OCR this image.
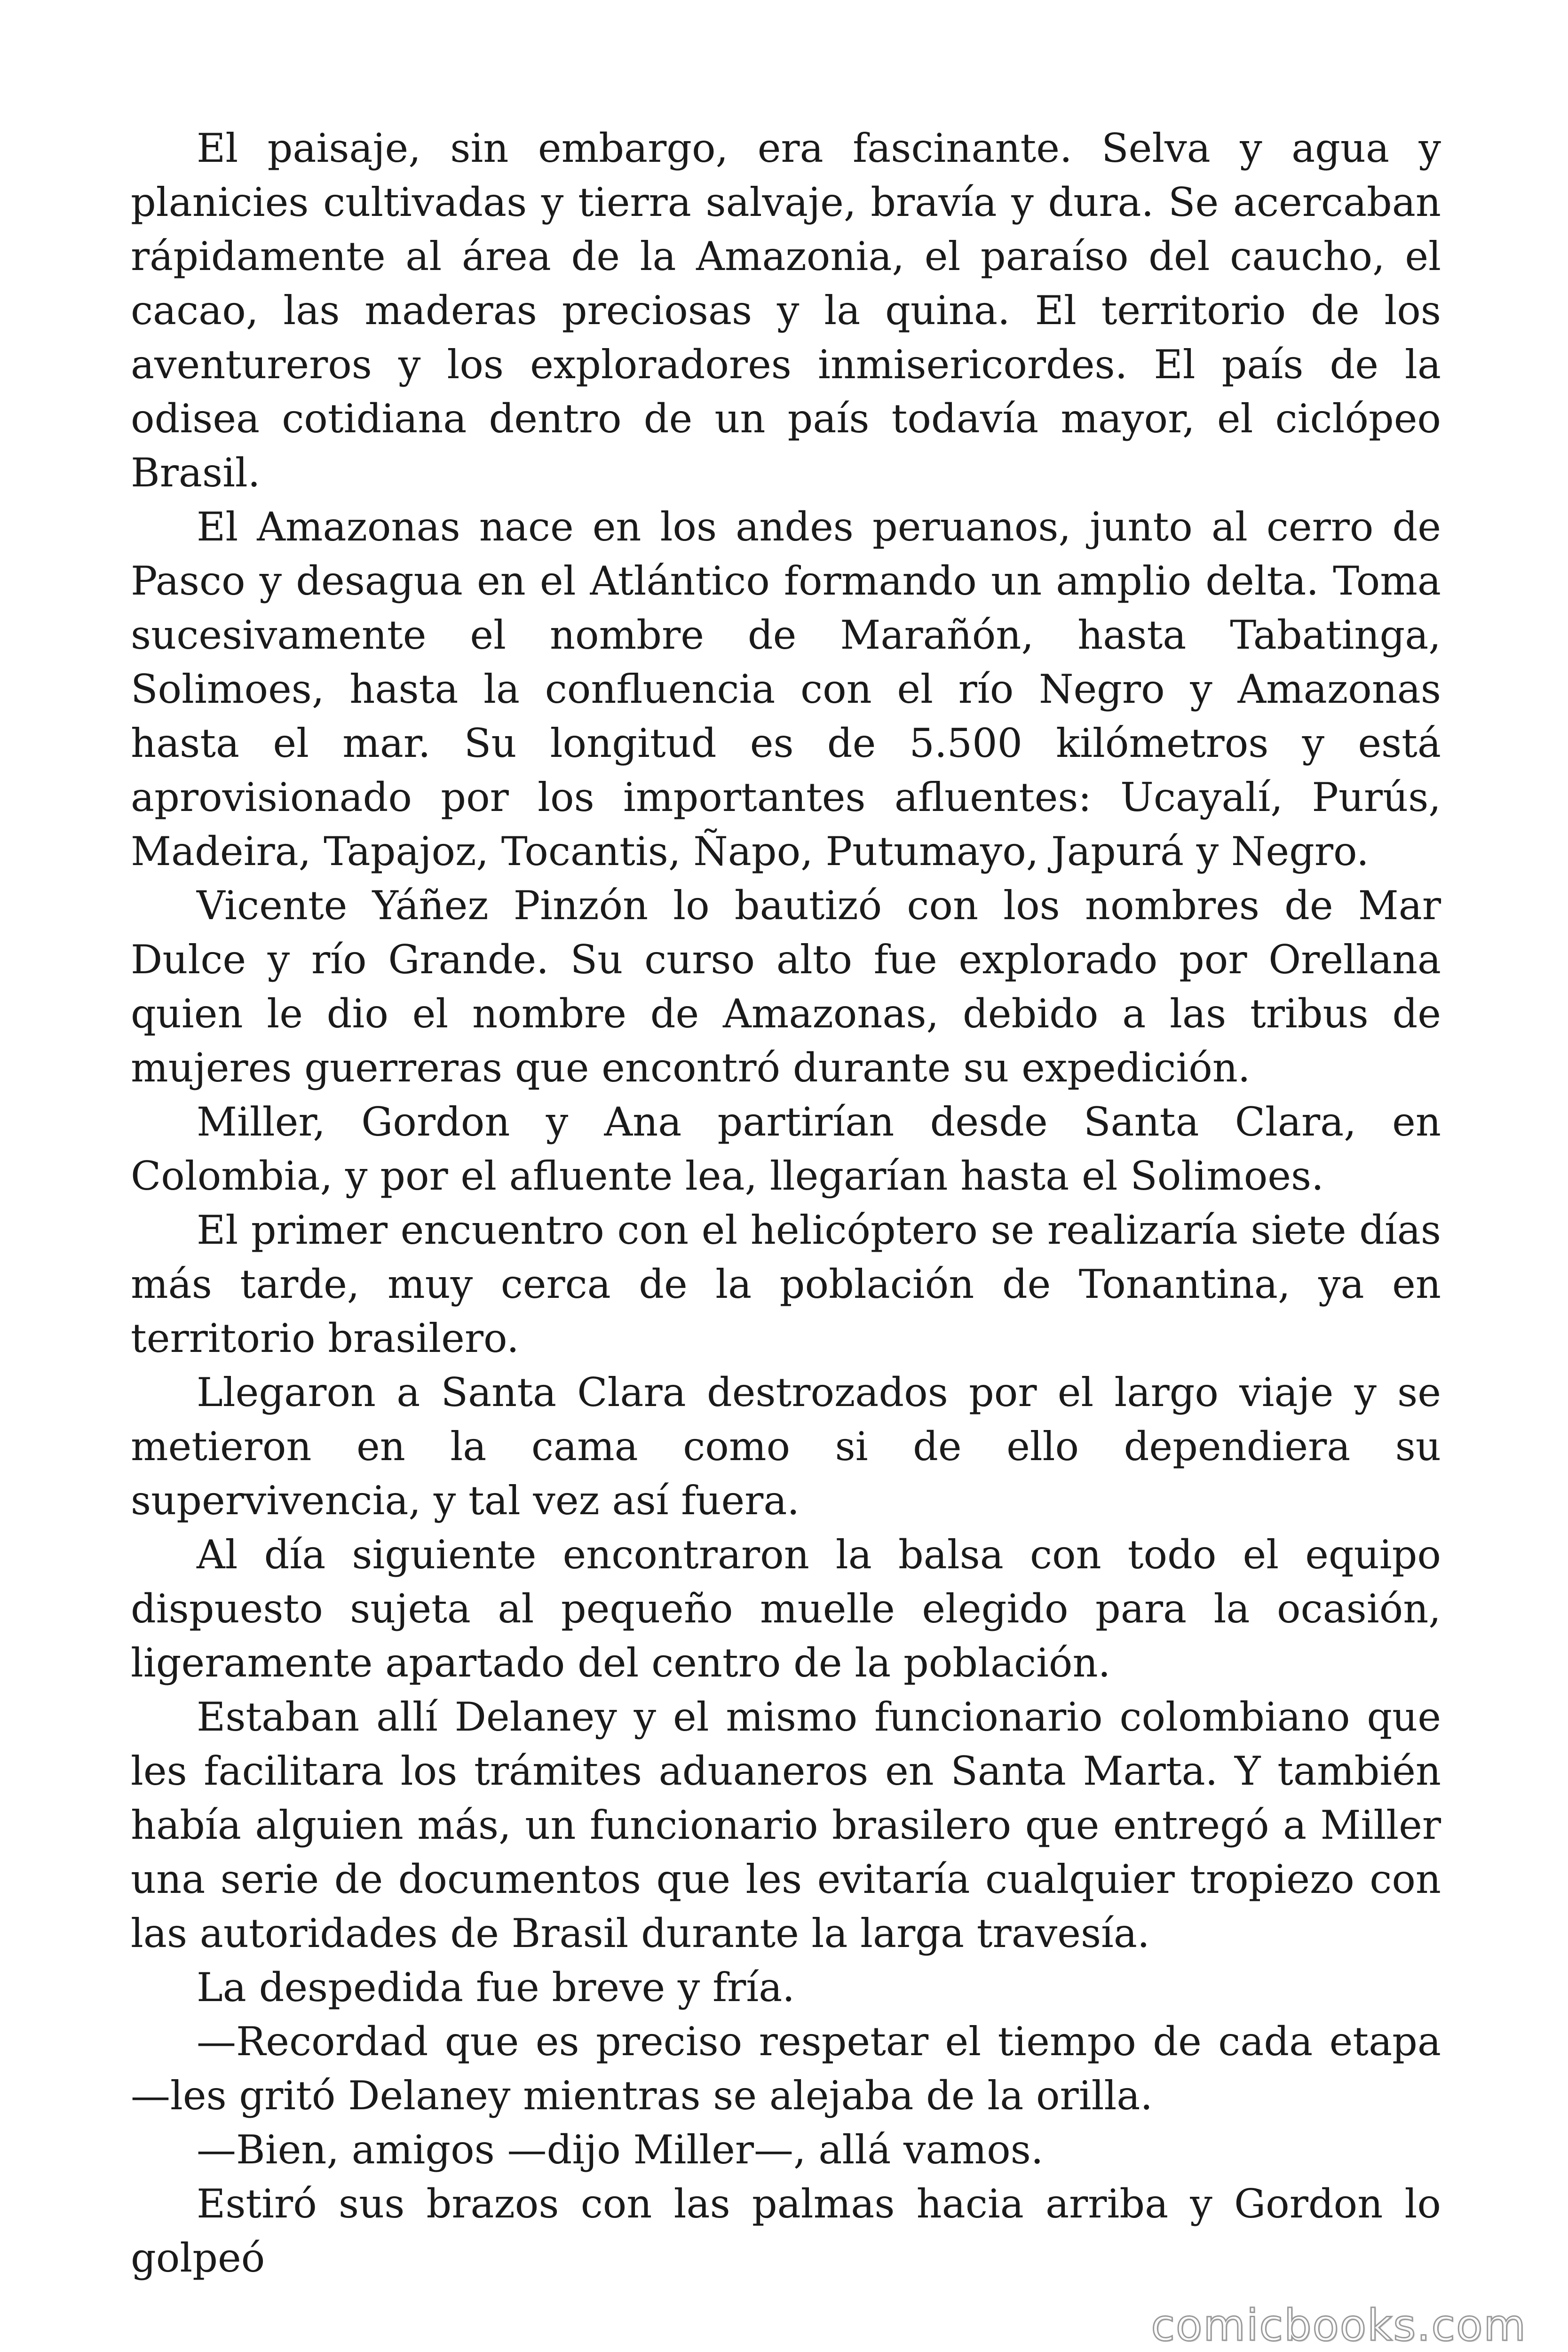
El paisaje, sin embargo, era fascinante. Selva y agua y planicies cultivadas y tierra salvaje, bravía y dura. Se acercaban rápidamente al área de la Amazonia, el paraíso del caucho, el cacao, las maderas preciosas y la quina. El territorio de los aventureros y los exploradores inmisericordes. El país de la odisea cotidiana dentro de un país todavía mayor, el ciclópeo Brasil.

El Amazonas nace en los andes peruanos, junto al cerro de Pasco y desagua en el Atlántico formando un amplio delta. Toma sucesivamente el nombre de Marañón, hasta Tabatinga, Solimoes, hasta la confluencia con el río Negro y Amazonas hasta el mar. Su longitud es de 5.500 kilómetros y está aprovisionado por los importantes afluentes: Ucayalí, Purús, Madeira, Tapajoz, Tocantis, Ñapo, Putumayo, Japurá y Negro.

Vicente Yáñez Pinzón lo bautizó con los nombres de Mar Dulce y río Grande. Su curso alto fue explorado por Orellana quien le dio el nombre de Amazonas, debido a las tribus de mujeres guerreras que encontró durante su expedición.

Miller, Gordon y Ana partirían desde Santa Clara, en Colombia, y por el afluente lea, llegarían hasta el Solimoes.

El primer encuentro con el helicóptero se realizaría siete días más tarde, muy cerca de la población de Tonantina, ya en territorio brasilero.

Llegaron a Santa Clara destrozados por el largo viaje y se metieron en la cama como si de ello dependiera su supervivencia, y tal vez así fuera.

Al día siguiente encontraron la balsa con todo el equipo dispuesto sujeta al pequeño muelle elegido para la ocasión, ligeramente apartado del centro de la población.

Estaban allí Delaney y el mismo funcionario colombiano que les facilitara los trámites aduaneros en Santa Marta. Y también había alguien más, un funcionario brasilero que entregó a Miller una serie de documentos que les evitaría cualquier tropiezo con las autoridades de Brasil durante la larga travesía.

La despedida fue breve y fría.

—Recordad que es preciso respetar el tiempo de cada etapa —les gritó Delaney mientras se alejaba de la orilla.

—Bien, amigos —dijo Miller—, allá vamos.

Estiró sus brazos con las palmas hacia arriba y Gordon lo golpeó

comicbooks.com
